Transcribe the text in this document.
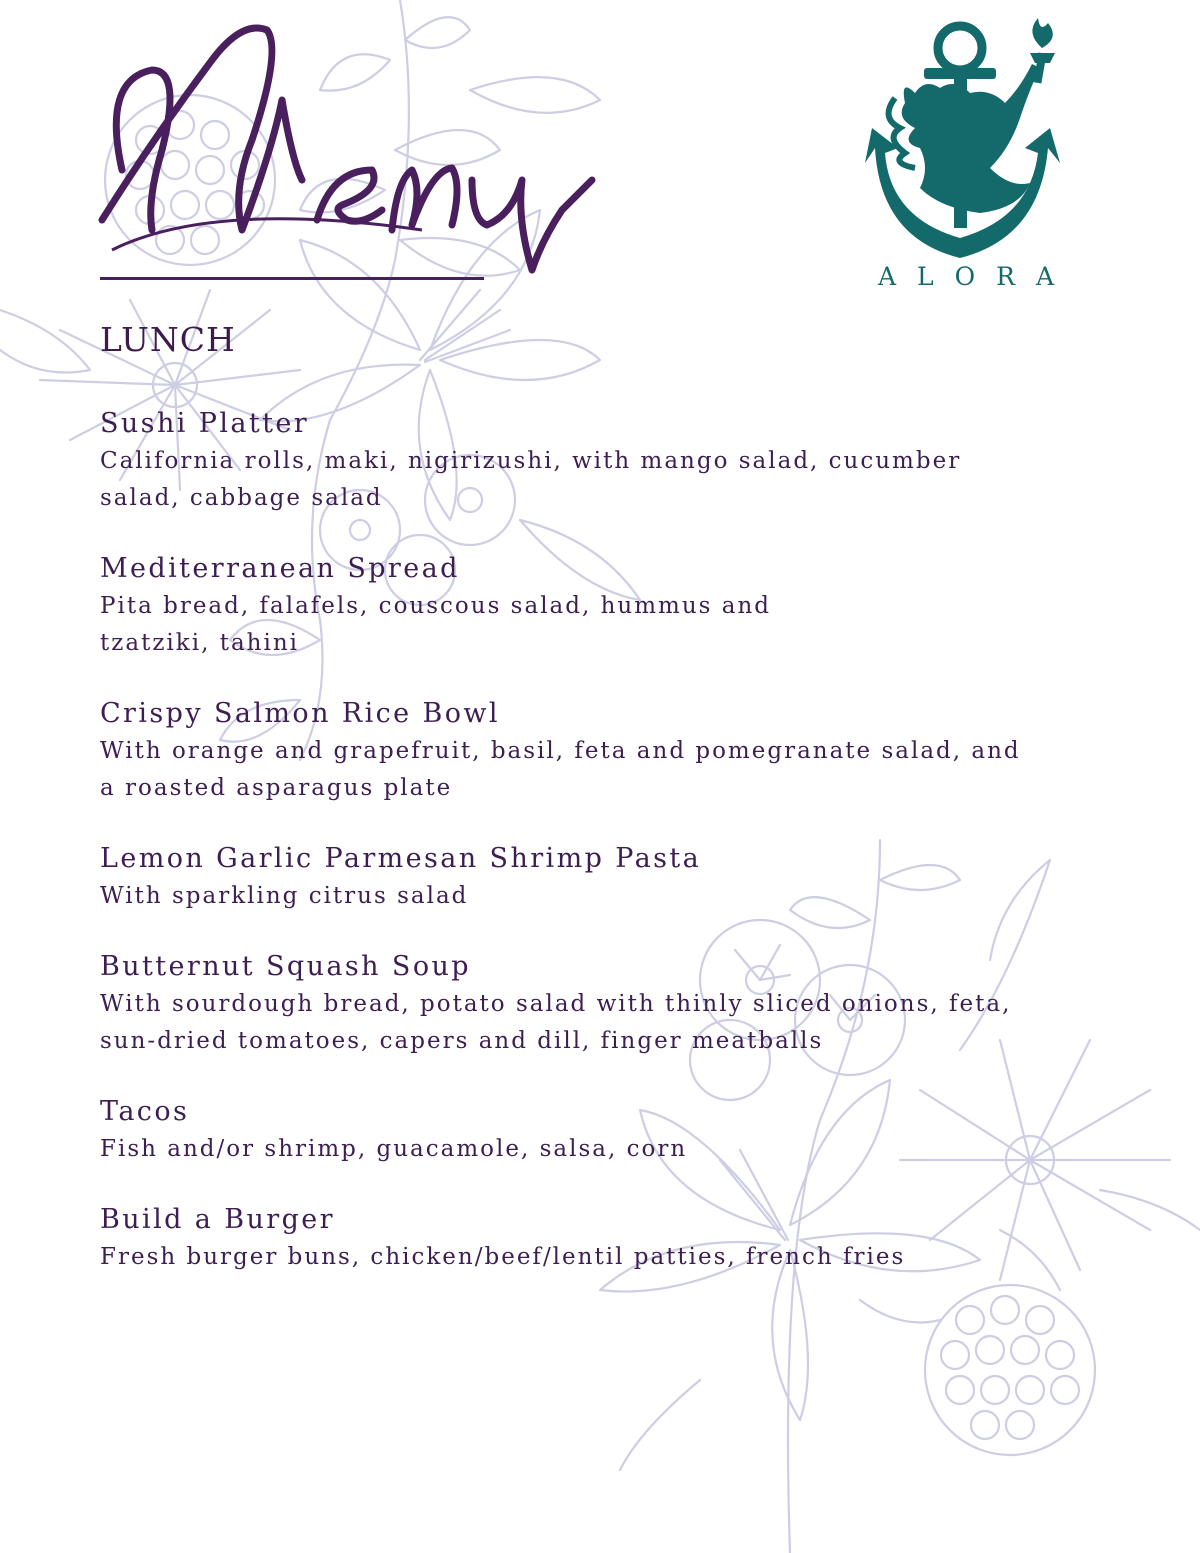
ALORA
LUNCH
Sushi Platter
California rolls, maki, nigirizushi, with mango salad, cucumber
salad, cabbage salad
Mediterranean Spread
Pita bread, falafels, couscous salad, hummus and
tzatziki, tahini
Crispy Salmon Rice Bowl
With orange and grapefruit, basil, feta and pomegranate salad, and
a roasted asparagus plate
Lemon Garlic Parmesan Shrimp Pasta
With sparkling citrus salad
Butternut Squash Soup
With sourdough bread, potato salad with thinly sliced onions, feta,
sun-dried tomatoes, capers and dill, finger meatballs
Tacos
Fish and/or shrimp, guacamole, salsa, corn
Build a Burger
Fresh burger buns, chicken/beef/lentil patties, french fries
